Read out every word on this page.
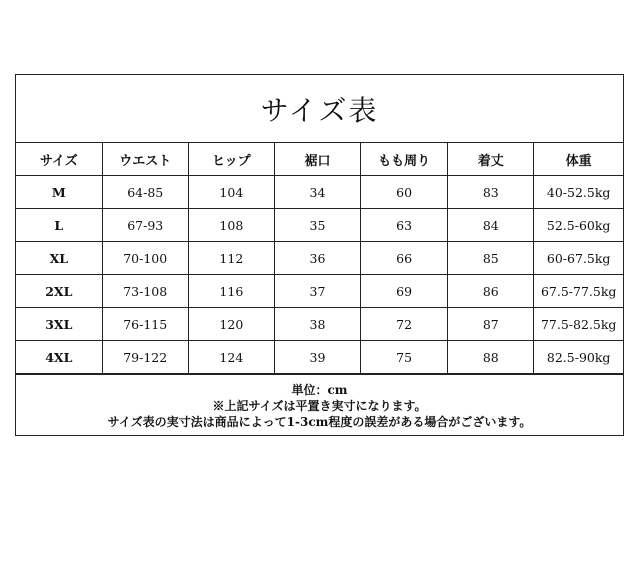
サイズ表
サイズ	ウエスト	ヒップ	裾口	もも周り	着丈	体重
M	64-85	104	34	60	83	40-52.5kg
L	67-93	108	35	63	84	52.5-60kg
XL	70-100	112	36	66	85	60-67.5kg
2XL	73-108	116	37	69	86	67.5-77.5kg
3XL	76-115	120	38	72	87	77.5-82.5kg
4XL	79-122	124	39	75	88	82.5-90kg
単位：cm
※上記サイズは平置き実寸になります。
サイズ表の実寸法は商品によって1-3cm程度の誤差がある場合がございます。
